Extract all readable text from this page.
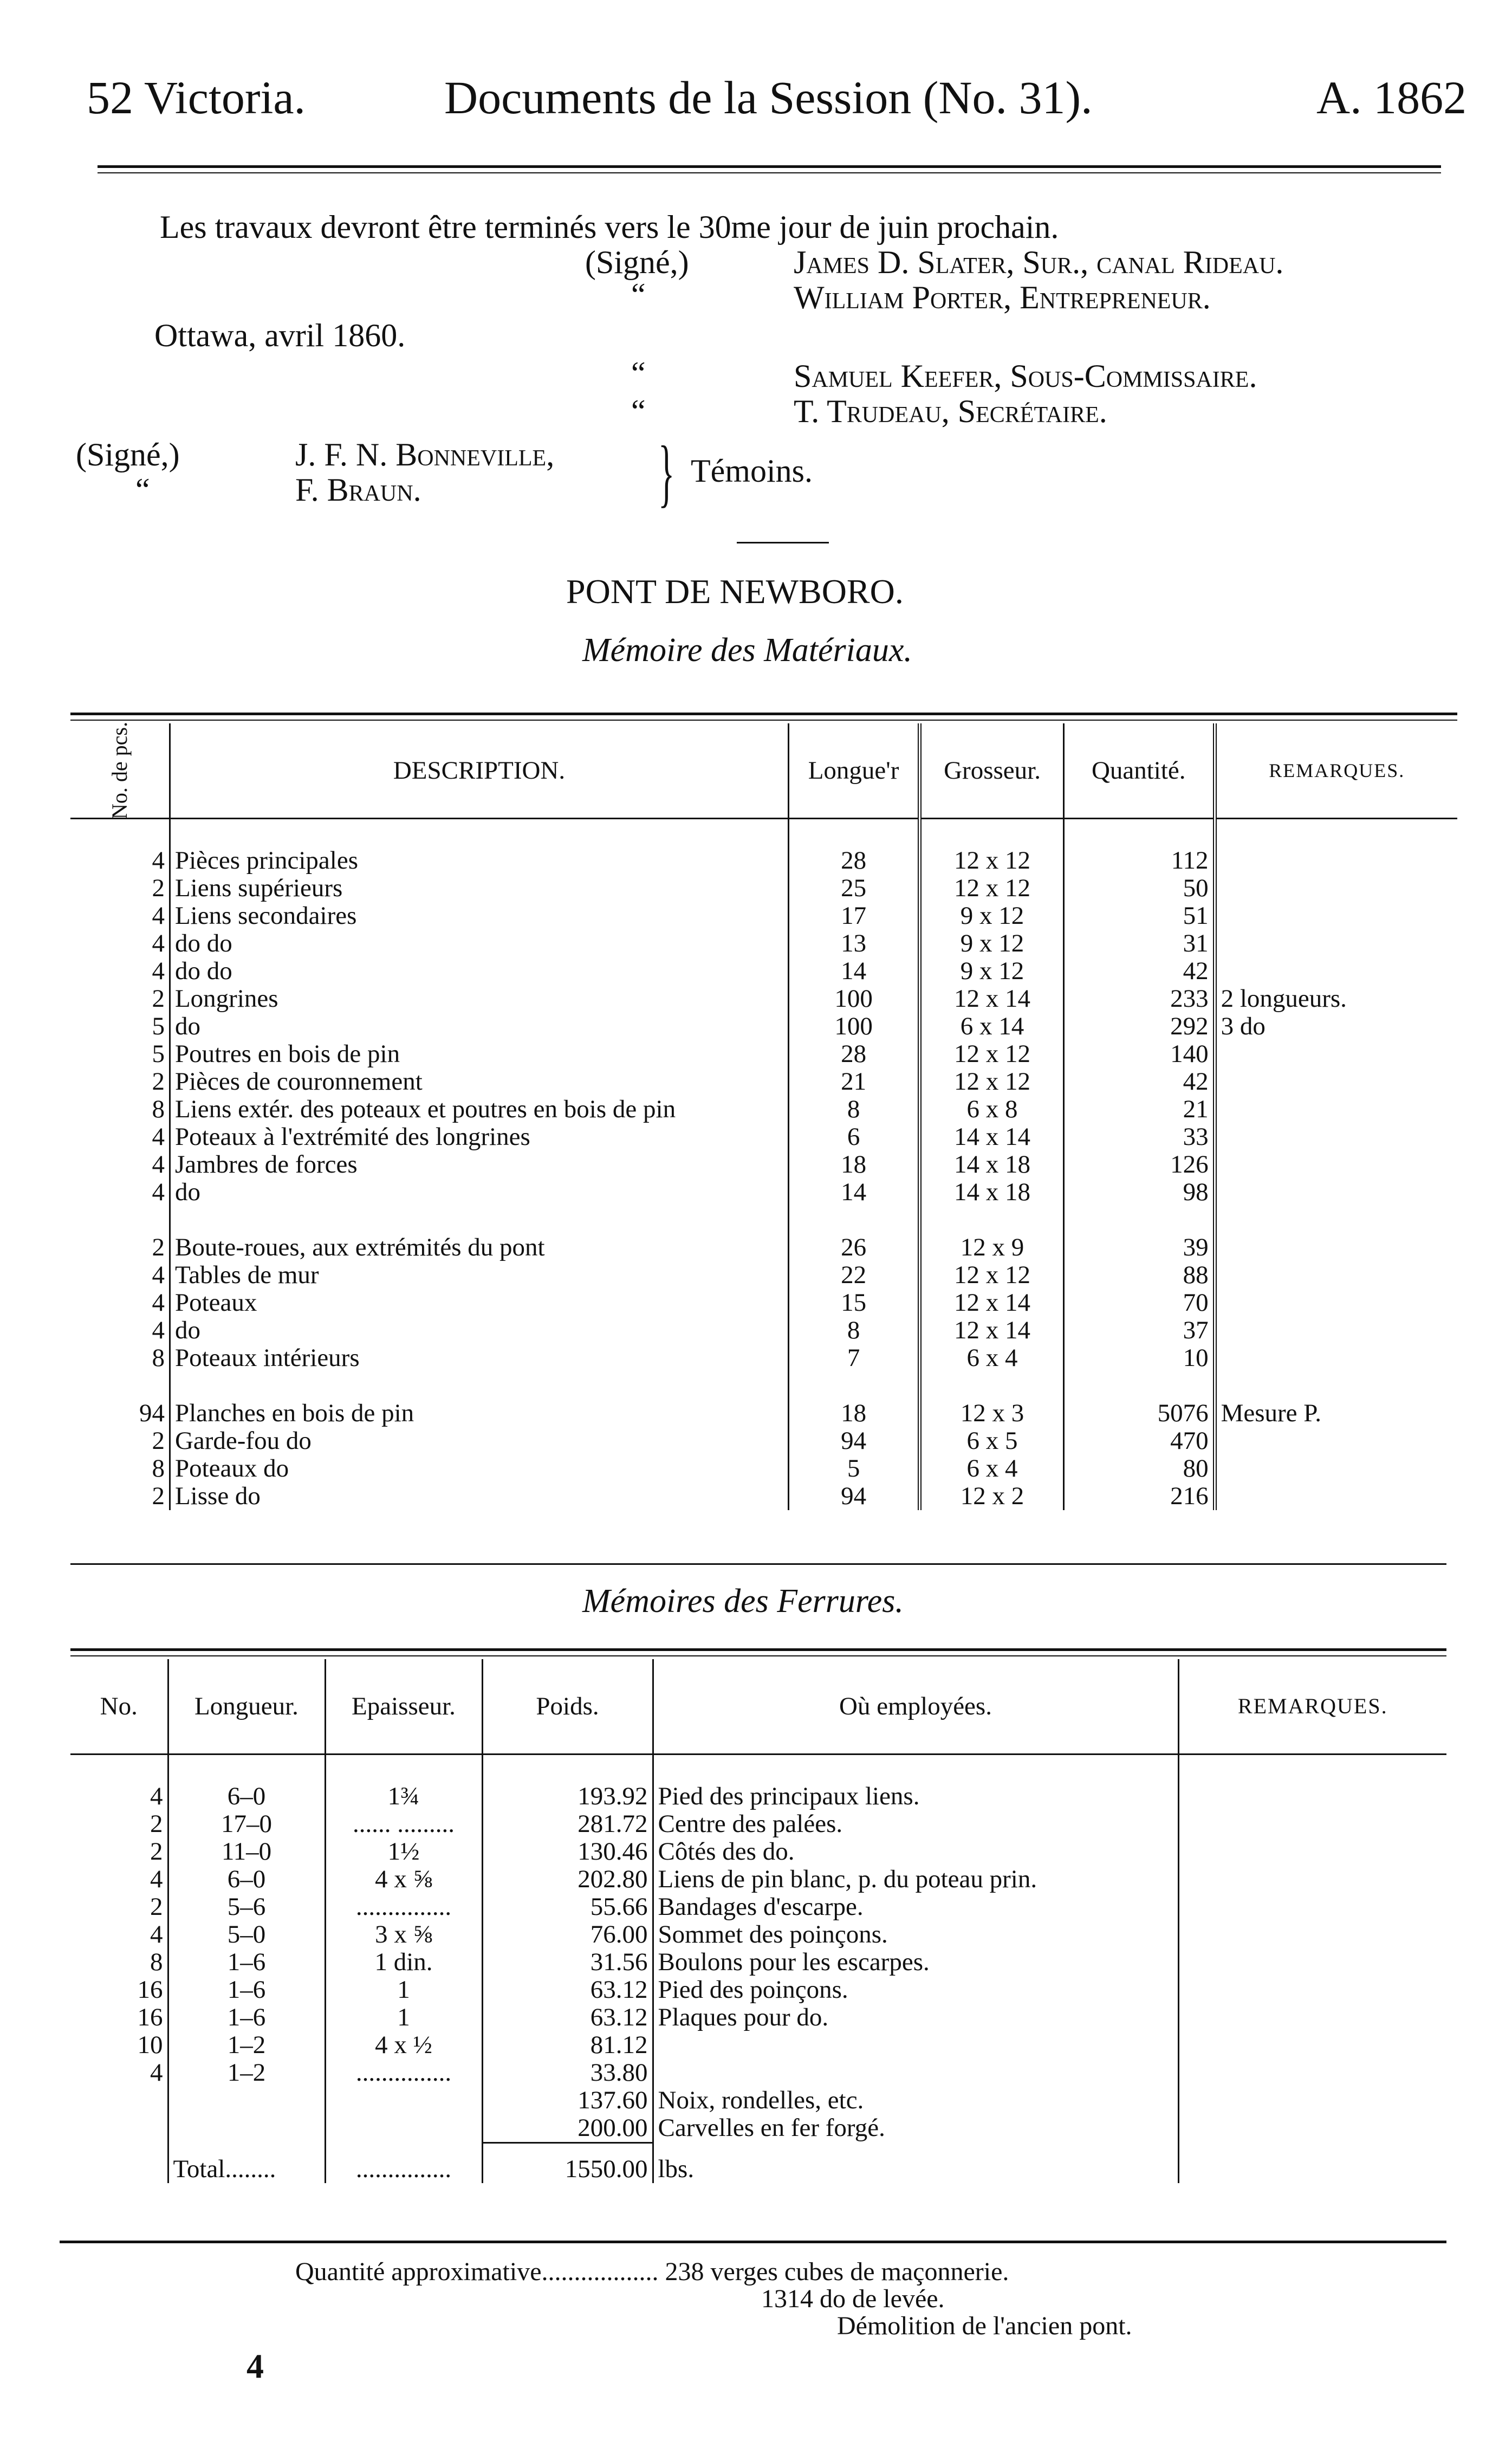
52 Victoria.	Documents de la Session (No. 31).	A. 1862
Les travaux devront être terminés vers le 30me jour de juin prochain.
(Signé,)	James D. Slater, Sur., canal Rideau.
“	William Porter, Entrepreneur.
Ottawa, avril 1860.
“	Samuel Keefer, Sous-Commissaire.
“	T. Trudeau, Secrétaire.
(Signé,)
“
J. F. N. Bonneville,
F. Braun.	} Témoins.
PONT DE NEWBORO.
Mémoire des Matériaux.
No. de pcs.	DESCRIPTION.	Longue'r	Grosseur.	Quantité.	REMARQUES.

4	Pièces principales	28	12 x 12	112	
2	Liens supérieurs	25	12 x 12	50	
4	Liens secondaires	17	9 x 12	51	
4	do do	13	9 x 12	31	
4	do do	14	9 x 12	42	
2	Longrines	100	12 x 14	233	2 longueurs.
5	do	100	6 x 14	292	3 do
5	Poutres en bois de pin	28	12 x 12	140	
2	Pièces de couronnement	21	12 x 12	42	
8	Liens extér. des poteaux et poutres en bois de pin	8	6 x 8	21	
4	Poteaux à l'extrémité des longrines	6	14 x 14	33	
4	Jambres de forces	18	14 x 18	126	
4	do	14	14 x 18	98	

2	Boute-roues, aux extrémités du pont	26	12 x 9	39	
4	Tables de mur	22	12 x 12	88	
4	Poteaux	15	12 x 14	70	
4	do	8	12 x 14	37	
8	Poteaux intérieurs	7	6 x 4	10	

94	Planches en bois de pin	18	12 x 3	5076	Mesure P.
2	Garde-fou do	94	6 x 5	470	
8	Poteaux do	5	6 x 4	80	
2	Lisse do	94	12 x 2	216	
Mémoires des Ferrures.
No.	Longueur.	Epaisseur.	Poids.	Où employées.	REMARQUES.

4	6–0	1¾	193.92	Pied des principaux liens.	
2	17–0	...... .........	281.72	Centre des palées.	
2	11–0	1½	130.46	Côtés des do.	
4	6–0	4 x ⅝	202.80	Liens de pin blanc, p. du poteau prin.	
2	5–6	...............	55.66	Bandages d'escarpe.	
4	5–0	3 x ⅝	76.00	Sommet des poinçons.	
8	1–6	1 din.	31.56	Boulons pour les escarpes.	
16	1–6	1	63.12	Pied des poinçons.	
16	1–6	1	63.12	Plaques pour do.	
10	1–2	4 x ½	81.12		
4	1–2	...............	33.80		
			137.60	Noix, rondelles, etc.	
			200.00	Carvelles en fer forgé.	
	Total........	...............	1550.00	lbs.	
Quantité approximative.................. 238 verges cubes de maçonnerie.
1314 do de levée.
Démolition de l'ancien pont.
4
